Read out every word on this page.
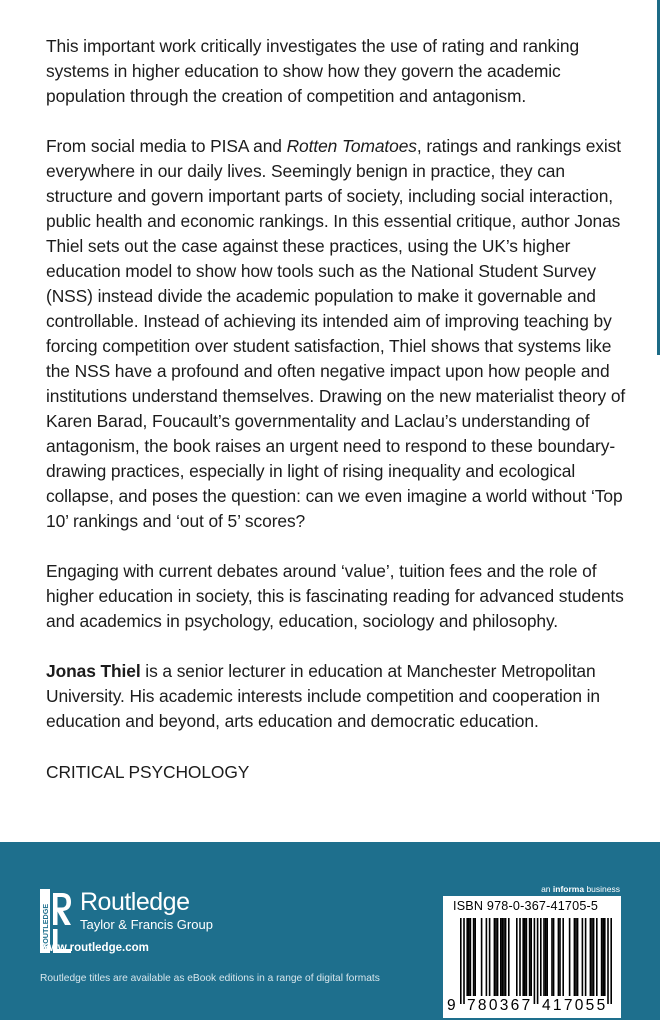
This important work critically investigates the use of rating and ranking systems in higher education to show how they govern the academic population through the creation of competition and antagonism.

From social media to PISA and Rotten Tomatoes, ratings and rankings exist everywhere in our daily lives. Seemingly benign in practice, they can structure and govern important parts of society, including social interaction, public health and economic rankings. In this essential critique, author Jonas Thiel sets out the case against these practices, using the UK’s higher education model to show how tools such as the National Student Survey (NSS) instead divide the academic population to make it governable and controllable. Instead of achieving its intended aim of improving teaching by forcing competition over student satisfaction, Thiel shows that systems like the NSS have a profound and often negative impact upon how people and institutions understand themselves. Drawing on the new materialist theory of Karen Barad, Foucault’s governmentality and Laclau’s understanding of antagonism, the book raises an urgent need to respond to these boundary-drawing practices, especially in light of rising inequality and ecological collapse, and poses the question: can we even imagine a world without ‘Top 10’ rankings and ‘out of 5’ scores?

Engaging with current debates around ‘value’, tuition fees and the role of higher education in society, this is fascinating reading for advanced students and academics in psychology, education, sociology and philosophy.

Jonas Thiel is a senior lecturer in education at Manchester Metropolitan University. His academic interests include competition and cooperation in education and beyond, arts education and democratic education.

CRITICAL PSYCHOLOGY

ROUTLEDGE
Routledge
Taylor & Francis Group
www.routledge.com
Routledge titles are available as eBook editions in a range of digital formats
an informa business
ISBN 978-0-367-41705-5
9 780367 417055
